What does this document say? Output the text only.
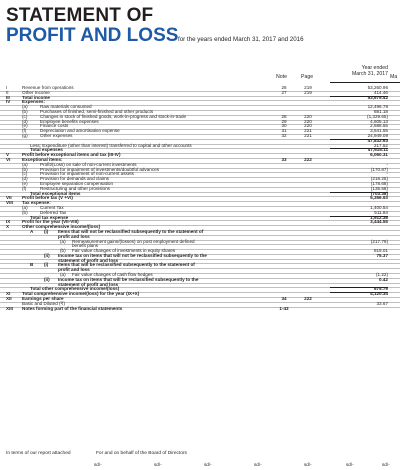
STATEMENT OF
PROFIT AND LOSS for the years ended March 31, 2017 and 2016
Note	Page
Year ended
March 31, 2017 Ma
I	Revenue from operations	26	219	53,260.96
II	Other Income	27	219	414.46
III	Total income	53,675.42
IV	Expenses:
(a)	Raw materials consumed	12,496.78
(b)	Purchases of finished, semi-finished and other products	881.18
(c)	Changes in stock of finished goods, work-in-progress and stock-in-trade	28	220	(1,329.65)
(d)	Employee benefits expenses	29	220	4,605.13
(e)	Finance costs	30	220	2,688.55
(f)	Depreciation and amortisation expense	31	221	3,541.55
(g)	Other expenses	32	221	24,949.09
47,832.63
Less: Expenditure (other than interest) transferred to capital and other accounts	217.52
Total expenses	47,615.11
V	Profit before exceptional items and tax (III-IV)	6,060.31
VI	Exceptional items:	33	222
(a)	Profit/(Loss) on sale of non-current investments	-
(b)	Provision for impairment of investments/doubtful advances	(170.87)
(c)	Provision for impairment of non-current assets	-
(d)	Provision for demands and claims	(218.25)
(e)	Employee separation compensation	(178.68)
(f)	Restructuring and other provisions	(135.58)
Total exceptional items	(703.38)
VII Profit before tax (V +VI)	5,356.93
VIII Tax expense:
(a)	Current Tax	1,400.54
(b)	Deferred Tax	511.84
Total tax expense	1,912.38
IX	Profit for the year (VII-VIII)	3,444.55
X	Other comprehensive income/(loss)
A (i) Items that will not be reclassified subsequently to the statement of
profit and loss
(a) Remeasurement gains/(losses) on post employment defined	(217.79)
benefit plans
(b) Fair value changes of investments in equity shares	819.01
(ii) Income tax on items that will not be reclassified subsequently to the	75.37
statement of profit and loss
B (i) Items that will be reclassified subsequently to the statement of
profit and loss
(a) Fair value changes of cash flow hedges	(1.22)
(ii) Income tax on items that will be reclassified subsequently to the	0.42
statement of profit and loss
Total other comprehensive income/(loss)	675.79
XI	Total comprehensive income/(loss) for the year (IX+X)	4,120.34
XII Earnings per share	34	222
Basic and Diluted (₹)	33.67
XIII Notes forming part of the financial statements	1-43
In terms of our report attached	For and on behalf of the Board of Directors
sd/-	sd/-	sd/-	sd/-	sd/-	sd/-	sd/-
